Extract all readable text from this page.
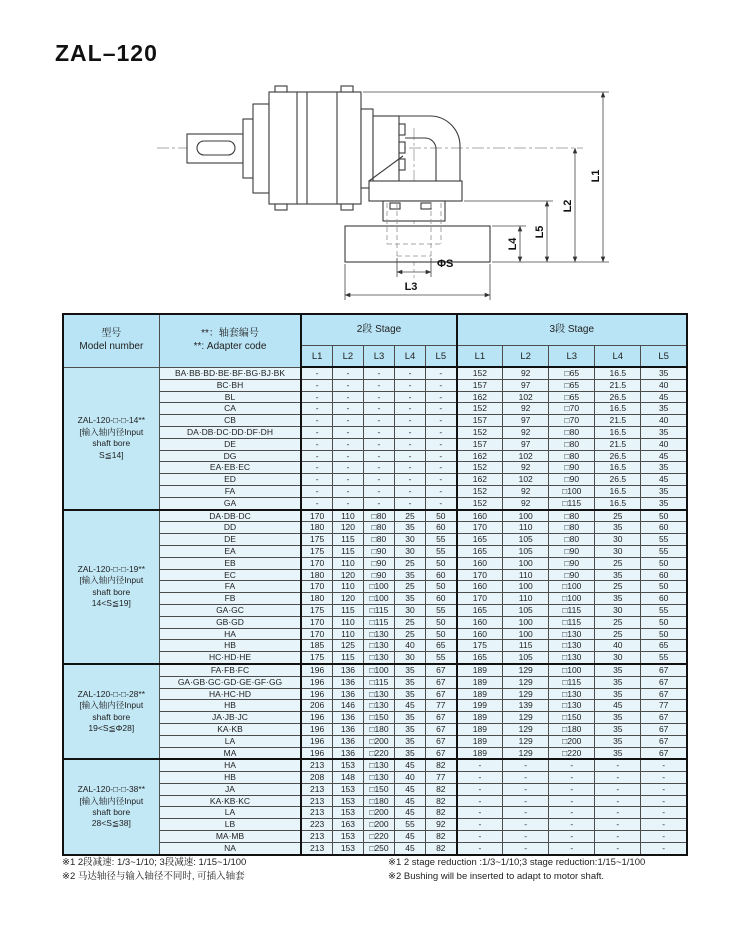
ZAL–120
ΦS
L3
L4
L5
L2
L1
型号
Model number	**：轴套编号
**: Adapter code	2段 Stage					3段 Stage				
		L1	L2	L3	L4	L5	L1	L2	L3	L4	L5
ZAL-120-□-□-14**
[输入轴内径Input
shaft bore
S≦14]	BA·BB·BD·BE·BF·BG·BJ·BK	-	-	-	-	-	152	92	□65	16.5	35
	BC·BH	-	-	-	-	-	157	97	□65	21.5	40
	BL	-	-	-	-	-	162	102	□65	26.5	45
	CA	-	-	-	-	-	152	92	□70	16.5	35
	CB	-	-	-	-	-	157	97	□70	21.5	40
	DA·DB·DC·DD·DF·DH	-	-	-	-	-	152	92	□80	16.5	35
	DE	-	-	-	-	-	157	97	□80	21.5	40
	DG	-	-	-	-	-	162	102	□80	26.5	45
	EA·EB·EC	-	-	-	-	-	152	92	□90	16.5	35
	ED	-	-	-	-	-	162	102	□90	26.5	45
	FA	-	-	-	-	-	152	92	□100	16.5	35
	GA	-	-	-	-	-	152	92	□115	16.5	35
ZAL-120-□-□-19**
[输入轴内径Input
shaft bore
14<S≦19]	DA·DB·DC	170	110	□80	25	50	160	100	□80	25	50
	DD	180	120	□80	35	60	170	110	□80	35	60
	DE	175	115	□80	30	55	165	105	□80	30	55
	EA	175	115	□90	30	55	165	105	□90	30	55
	EB	170	110	□90	25	50	160	100	□90	25	50
	EC	180	120	□90	35	60	170	110	□90	35	60
	FA	170	110	□100	25	50	160	100	□100	25	50
	FB	180	120	□100	35	60	170	110	□100	35	60
	GA·GC	175	115	□115	30	55	165	105	□115	30	55
	GB·GD	170	110	□115	25	50	160	100	□115	25	50
	HA	170	110	□130	25	50	160	100	□130	25	50
	HB	185	125	□130	40	65	175	115	□130	40	65
	HC·HD·HE	175	115	□130	30	55	165	105	□130	30	55
ZAL-120-□-□-28**
[输入轴内径Input
shaft bore
19<S≦Φ28]	FA·FB·FC	196	136	□100	35	67	189	129	□100	35	67
	GA·GB·GC·GD·GE·GF·GG	196	136	□115	35	67	189	129	□115	35	67
	HA·HC·HD	196	136	□130	35	67	189	129	□130	35	67
	HB	206	146	□130	45	77	199	139	□130	45	77
	JA·JB·JC	196	136	□150	35	67	189	129	□150	35	67
	KA·KB	196	136	□180	35	67	189	129	□180	35	67
	LA	196	136	□200	35	67	189	129	□200	35	67
	MA	196	136	□220	35	67	189	129	□220	35	67
ZAL-120-□-□-38**
[输入轴内径Input
shaft bore
28<S≦38]	HA	213	153	□130	45	82	-	-	-	-	-
	HB	208	148	□130	40	77	-	-	-	-	-
	JA	213	153	□150	45	82	-	-	-	-	-
	KA·KB·KC	213	153	□180	45	82	-	-	-	-	-
	LA	213	153	□200	45	82	-	-	-	-	-
	LB	223	163	□200	55	92	-	-	-	-	-
	MA·MB	213	153	□220	45	82	-	-	-	-	-
	NA	213	153	□250	45	82	-	-	-	-	-
※1 2段减速: 1/3~1/10; 3段减速: 1/15~1/100
※2 马达轴径与输入轴径不同时, 可插入轴套
※1 2 stage reduction :1/3~1/10;3 stage reduction:1/15~1/100
※2 Bushing will be inserted to adapt to motor shaft.
